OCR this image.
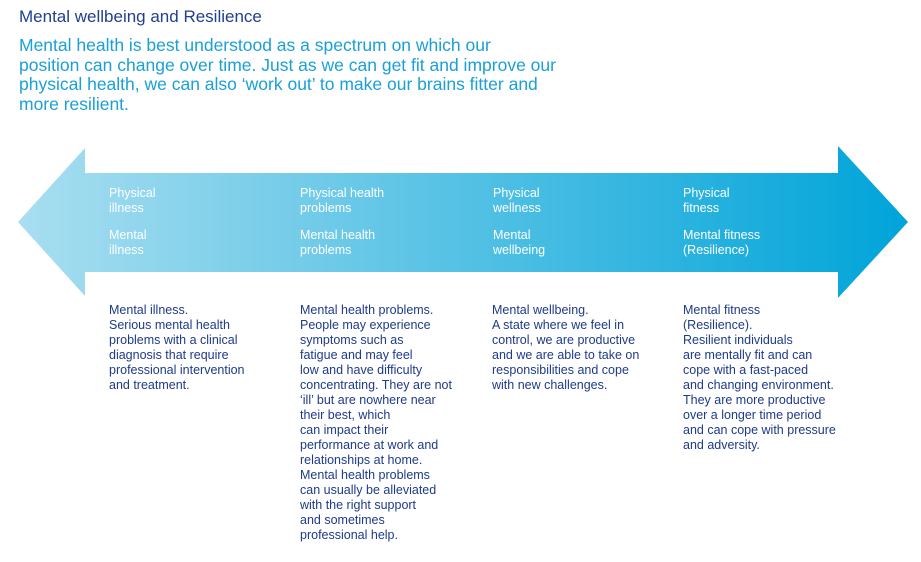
Mental wellbeing and Resilience
Mental health is best understood as a spectrum on which our
position can change over time. Just as we can get fit and improve our
physical health, we can also ‘work out’ to make our brains fitter and
more resilient.
Physical
illness
Mental
illness
Physical health
problems
Mental health
problems
Physical
wellness
Mental
wellbeing
Physical
fitness
Mental fitness
(Resilience)
Mental illness.
Serious mental health
problems with a clinical
diagnosis that require
professional intervention
and treatment.
Mental health problems.
People may experience
symptoms such as
fatigue and may feel
low and have difficulty
concentrating. They are not
‘ill’ but are nowhere near
their best, which
can impact their
performance at work and
relationships at home.
Mental health problems
can usually be alleviated
with the right support
and sometimes
professional help.
Mental wellbeing.
A state where we feel in
control, we are productive
and we are able to take on
responsibilities and cope
with new challenges.
Mental fitness
(Resilience).
Resilient individuals
are mentally fit and can
cope with a fast-paced
and changing environment.
They are more productive
over a longer time period
and can cope with pressure
and adversity.
